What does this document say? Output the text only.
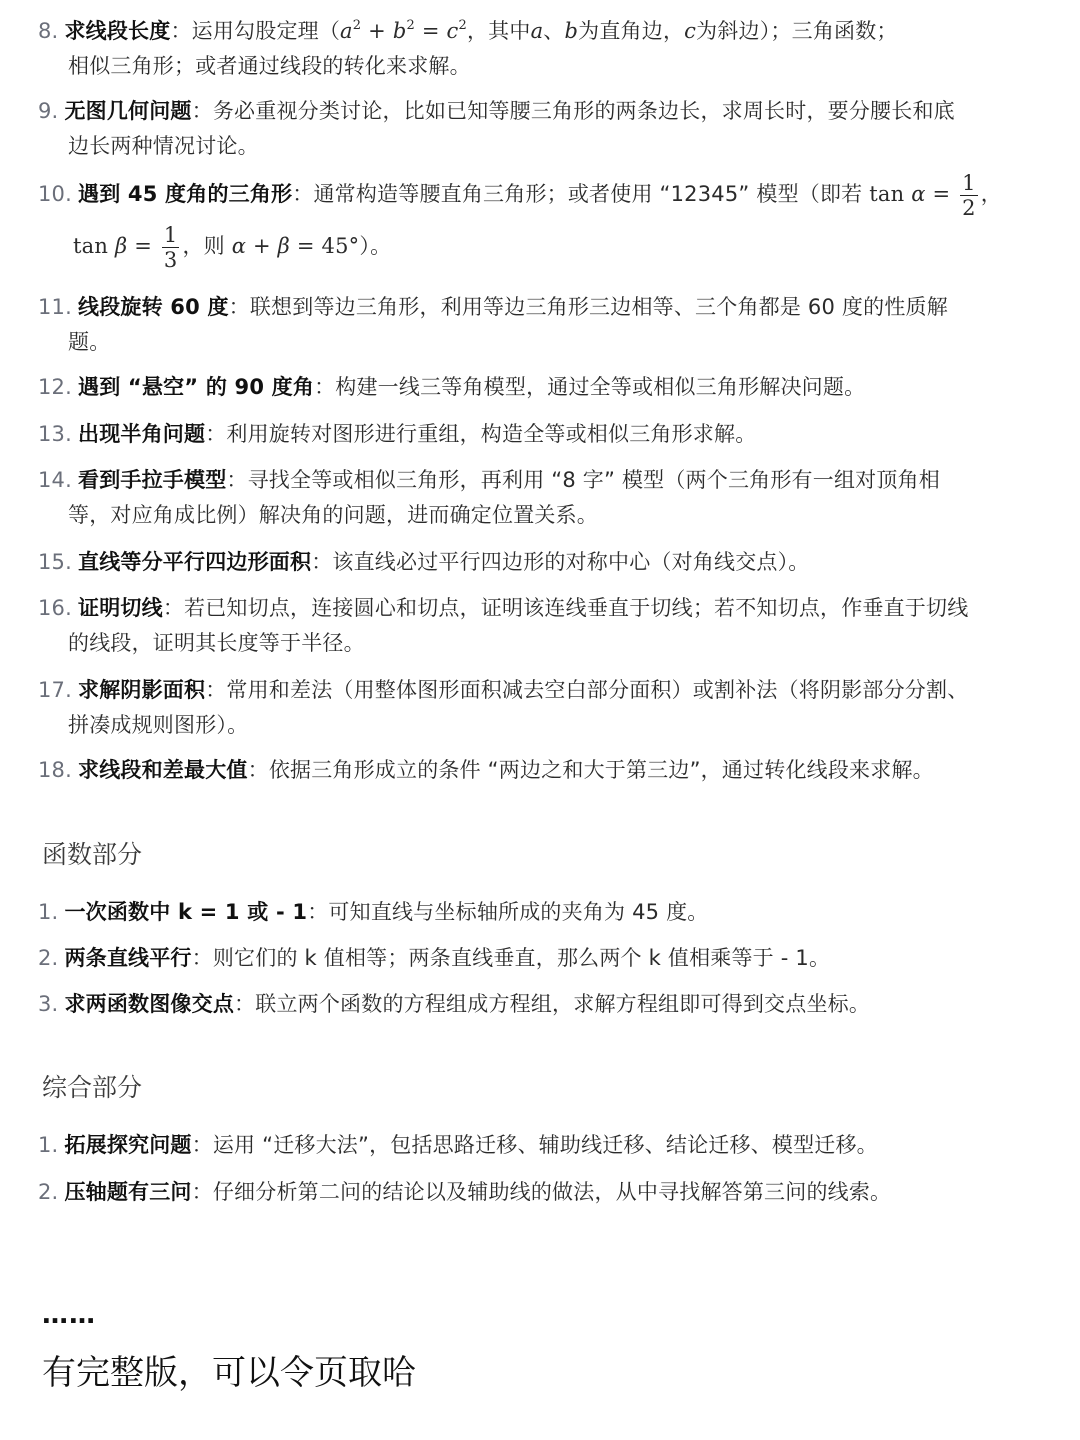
8. 求线段长度：运用勾股定理（$a^2 + b^2 = c^2$，其中a、b为直角边，c为斜边）；三角函数；
相似三角形；或者通过线段的转化来求解。
9. 无图几何问题：务必重视分类讨论，比如已知等腰三角形的两条边长，求周长时，要分腰长和底
边长两种情况讨论。
10. 遇到 45 度角的三角形：通常构造等腰直角三角形；或者使用 “12345” 模型（即若 $\tan \alpha = \frac{1}{2}$ ，
$\tan \beta = \frac{1}{3}$ ，则 α + β = 45°）。
11. 线段旋转 60 度：联想到等边三角形，利用等边三角形三边相等、三个角都是 60 度的性质解
题。
12. 遇到 “悬空” 的 90 度角：构建一线三等角模型，通过全等或相似三角形解决问题。
13. 出现半角问题：利用旋转对图形进行重组，构造全等或相似三角形求解。
14. 看到手拉手模型：寻找全等或相似三角形，再利用 “8 字” 模型（两个三角形有一组对顶角相
等，对应角成比例）解决角的问题，进而确定位置关系。
15. 直线等分平行四边形面积：该直线必过平行四边形的对称中心（对角线交点）。
16. 证明切线：若已知切点，连接圆心和切点，证明该连线垂直于切线；若不知切点，作垂直于切线
的线段，证明其长度等于半径。
17. 求解阴影面积：常用和差法（用整体图形面积减去空白部分面积）或割补法（将阴影部分分割、
拼凑成规则图形）。
18. 求线段和差最大值：依据三角形成立的条件 “两边之和大于第三边”，通过转化线段来求解。
函数部分
1. 一次函数中 k = 1 或 - 1：可知直线与坐标轴所成的夹角为 45 度。
2. 两条直线平行：则它们的 k 值相等；两条直线垂直，那么两个 k 值相乘等于 - 1。
3. 求两函数图像交点：联立两个函数的方程组成方程组，求解方程组即可得到交点坐标。
综合部分
1. 拓展探究问题：运用 “迁移大法”，包括思路迁移、辅助线迁移、结论迁移、模型迁移。
2. 压轴题有三问：仔细分析第二问的结论以及辅助线的做法，从中寻找解答第三问的线索。
……
有完整版，可以令页取哈
